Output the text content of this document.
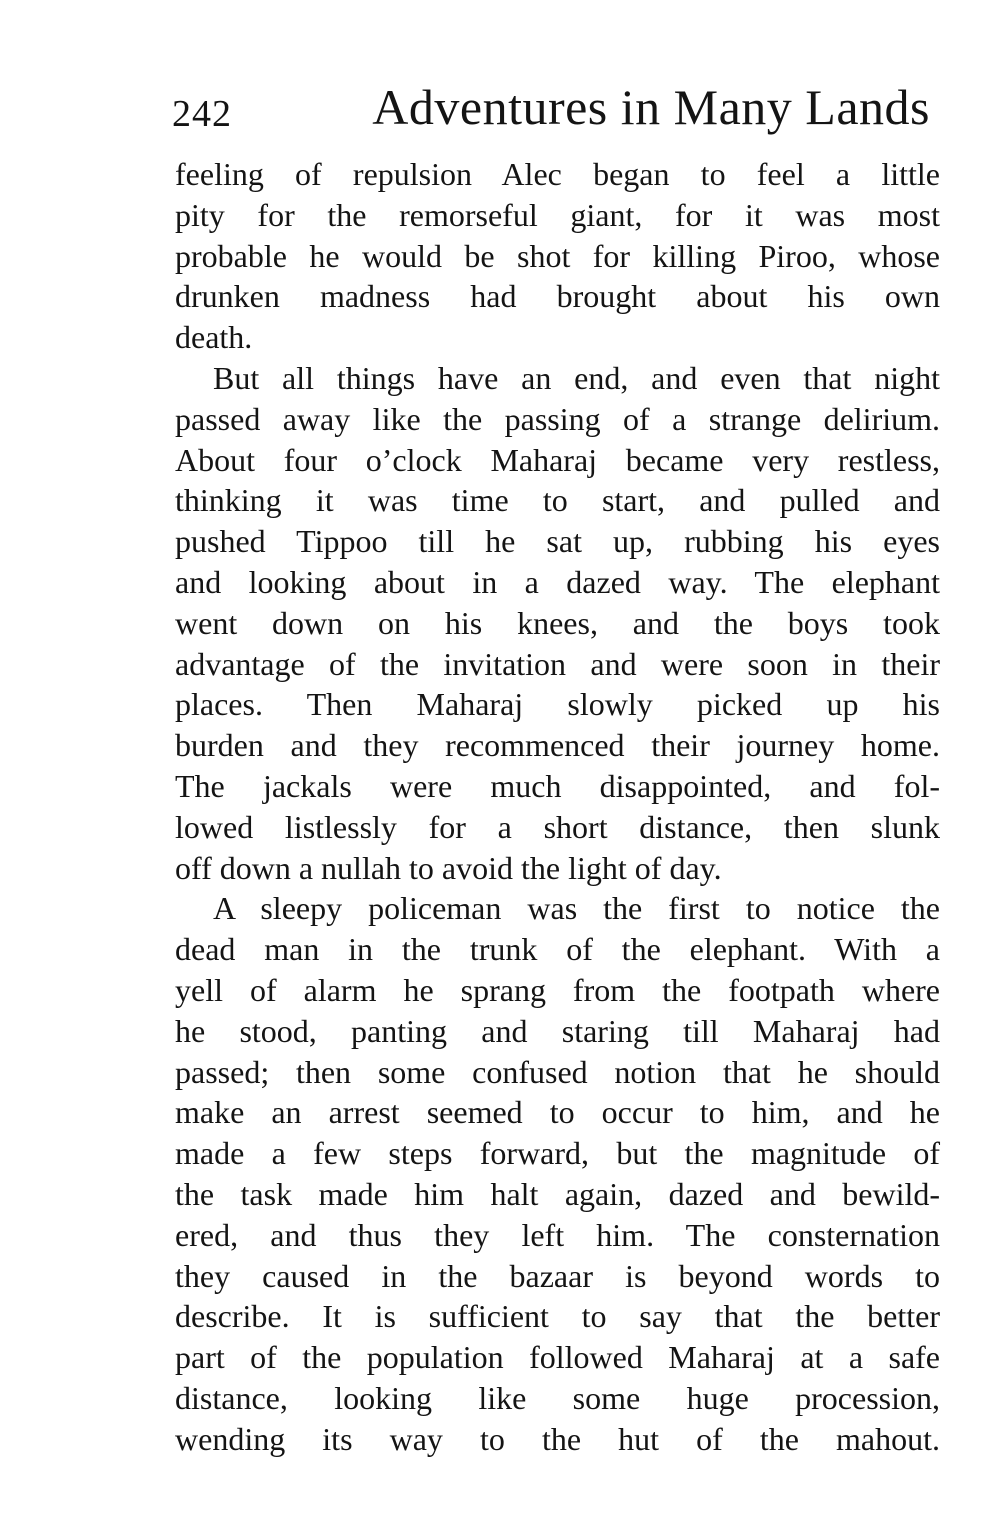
242	Adventures in Many Lands
feeling of repulsion Alec began to feel a little
pity for the remorseful giant, for it was most
probable he would be shot for killing Piroo, whose
drunken madness had brought about his own
death.
But all things have an end, and even that night
passed away like the passing of a strange delirium.
About four o’clock Maharaj became very restless,
thinking it was time to start, and pulled and
pushed Tippoo till he sat up, rubbing his eyes
and looking about in a dazed way. The elephant
went down on his knees, and the boys took
advantage of the invitation and were soon in their
places. Then Maharaj slowly picked up his
burden and they recommenced their journey home.
The jackals were much disappointed, and fol-
lowed listlessly for a short distance, then slunk
off down a nullah to avoid the light of day.
A sleepy policeman was the first to notice the
dead man in the trunk of the elephant. With a
yell of alarm he sprang from the footpath where
he stood, panting and staring till Maharaj had
passed; then some confused notion that he should
make an arrest seemed to occur to him, and he
made a few steps forward, but the magnitude of
the task made him halt again, dazed and bewild-
ered, and thus they left him. The consternation
they caused in the bazaar is beyond words to
describe. It is sufficient to say that the better
part of the population followed Maharaj at a safe
distance, looking like some huge procession,
wending its way to the hut of the mahout.
